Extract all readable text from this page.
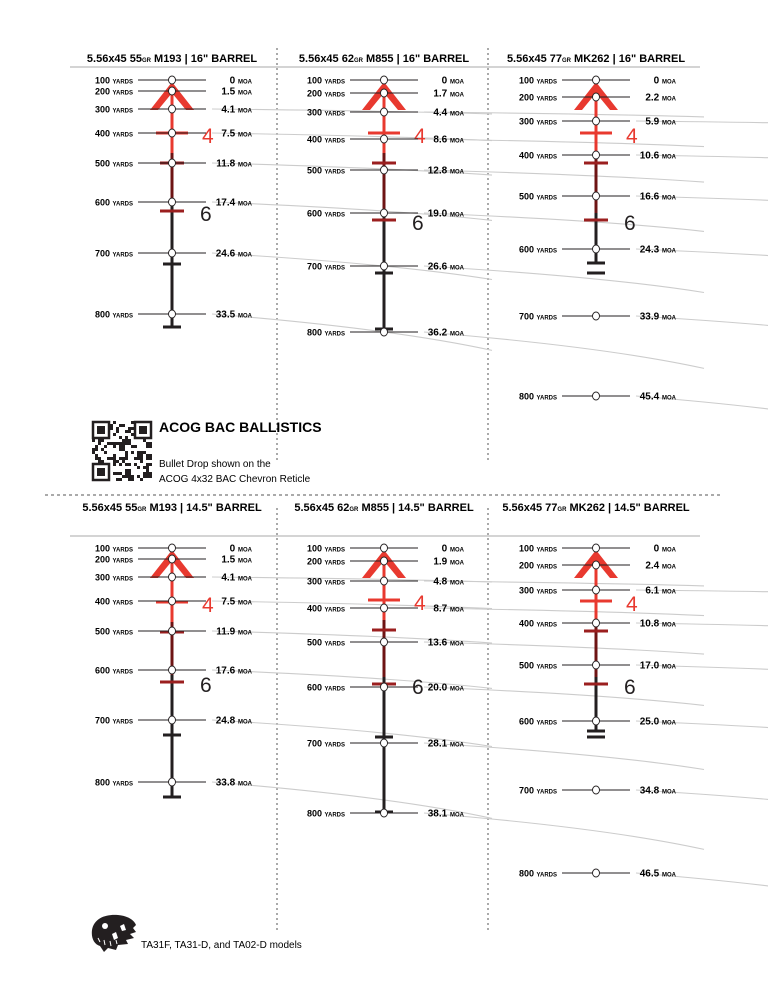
5.56x45 55GR M193 | 16" BARREL
4
6
100 YARDS	0 MOA
200 YARDS	1.5 MOA
300 YARDS	4.1 MOA
400 YARDS	7.5 MOA
500 YARDS	11.8 MOA
600 YARDS	17.4 MOA
700 YARDS	24.6 MOA
800 YARDS	33.5 MOA
5.56x45 62GR M855 | 16" BARREL
4
6
100 YARDS	0 MOA
200 YARDS	1.7 MOA
300 YARDS	4.4 MOA
400 YARDS	8.6 MOA
500 YARDS	12.8 MOA
600 YARDS	19.0 MOA
700 YARDS	26.6 MOA
800 YARDS	36.2 MOA
5.56x45 77GR MK262 | 16" BARREL
4
6
100 YARDS	0 MOA
200 YARDS	2.2 MOA
300 YARDS	5.9 MOA
400 YARDS	10.6 MOA
500 YARDS	16.6 MOA
600 YARDS	24.3 MOA
700 YARDS	33.9 MOA
800 YARDS	45.4 MOA
5.56x45 55GR M193 | 14.5" BARREL
4
6
100 YARDS	0 MOA
200 YARDS	1.5 MOA
300 YARDS	4.1 MOA
400 YARDS	7.5 MOA
500 YARDS	11.9 MOA
600 YARDS	17.6 MOA
700 YARDS	24.8 MOA
800 YARDS	33.8 MOA
5.56x45 62GR M855 | 14.5" BARREL
4
6
100 YARDS	0 MOA
200 YARDS	1.9 MOA
300 YARDS	4.8 MOA
400 YARDS	8.7 MOA
500 YARDS	13.6 MOA
600 YARDS	20.0 MOA
700 YARDS	28.1 MOA
800 YARDS	38.1 MOA
5.56x45 77GR MK262 | 14.5" BARREL
4
6
100 YARDS	0 MOA
200 YARDS	2.4 MOA
300 YARDS	6.1 MOA
400 YARDS	10.8 MOA
500 YARDS	17.0 MOA
600 YARDS	25.0 MOA
700 YARDS	34.8 MOA
800 YARDS	46.5 MOA
ACOG BAC BALLISTICS
Bullet Drop shown on the
ACOG 4x32 BAC Chevron Reticle
TA31F, TA31-D, and TA02-D models
